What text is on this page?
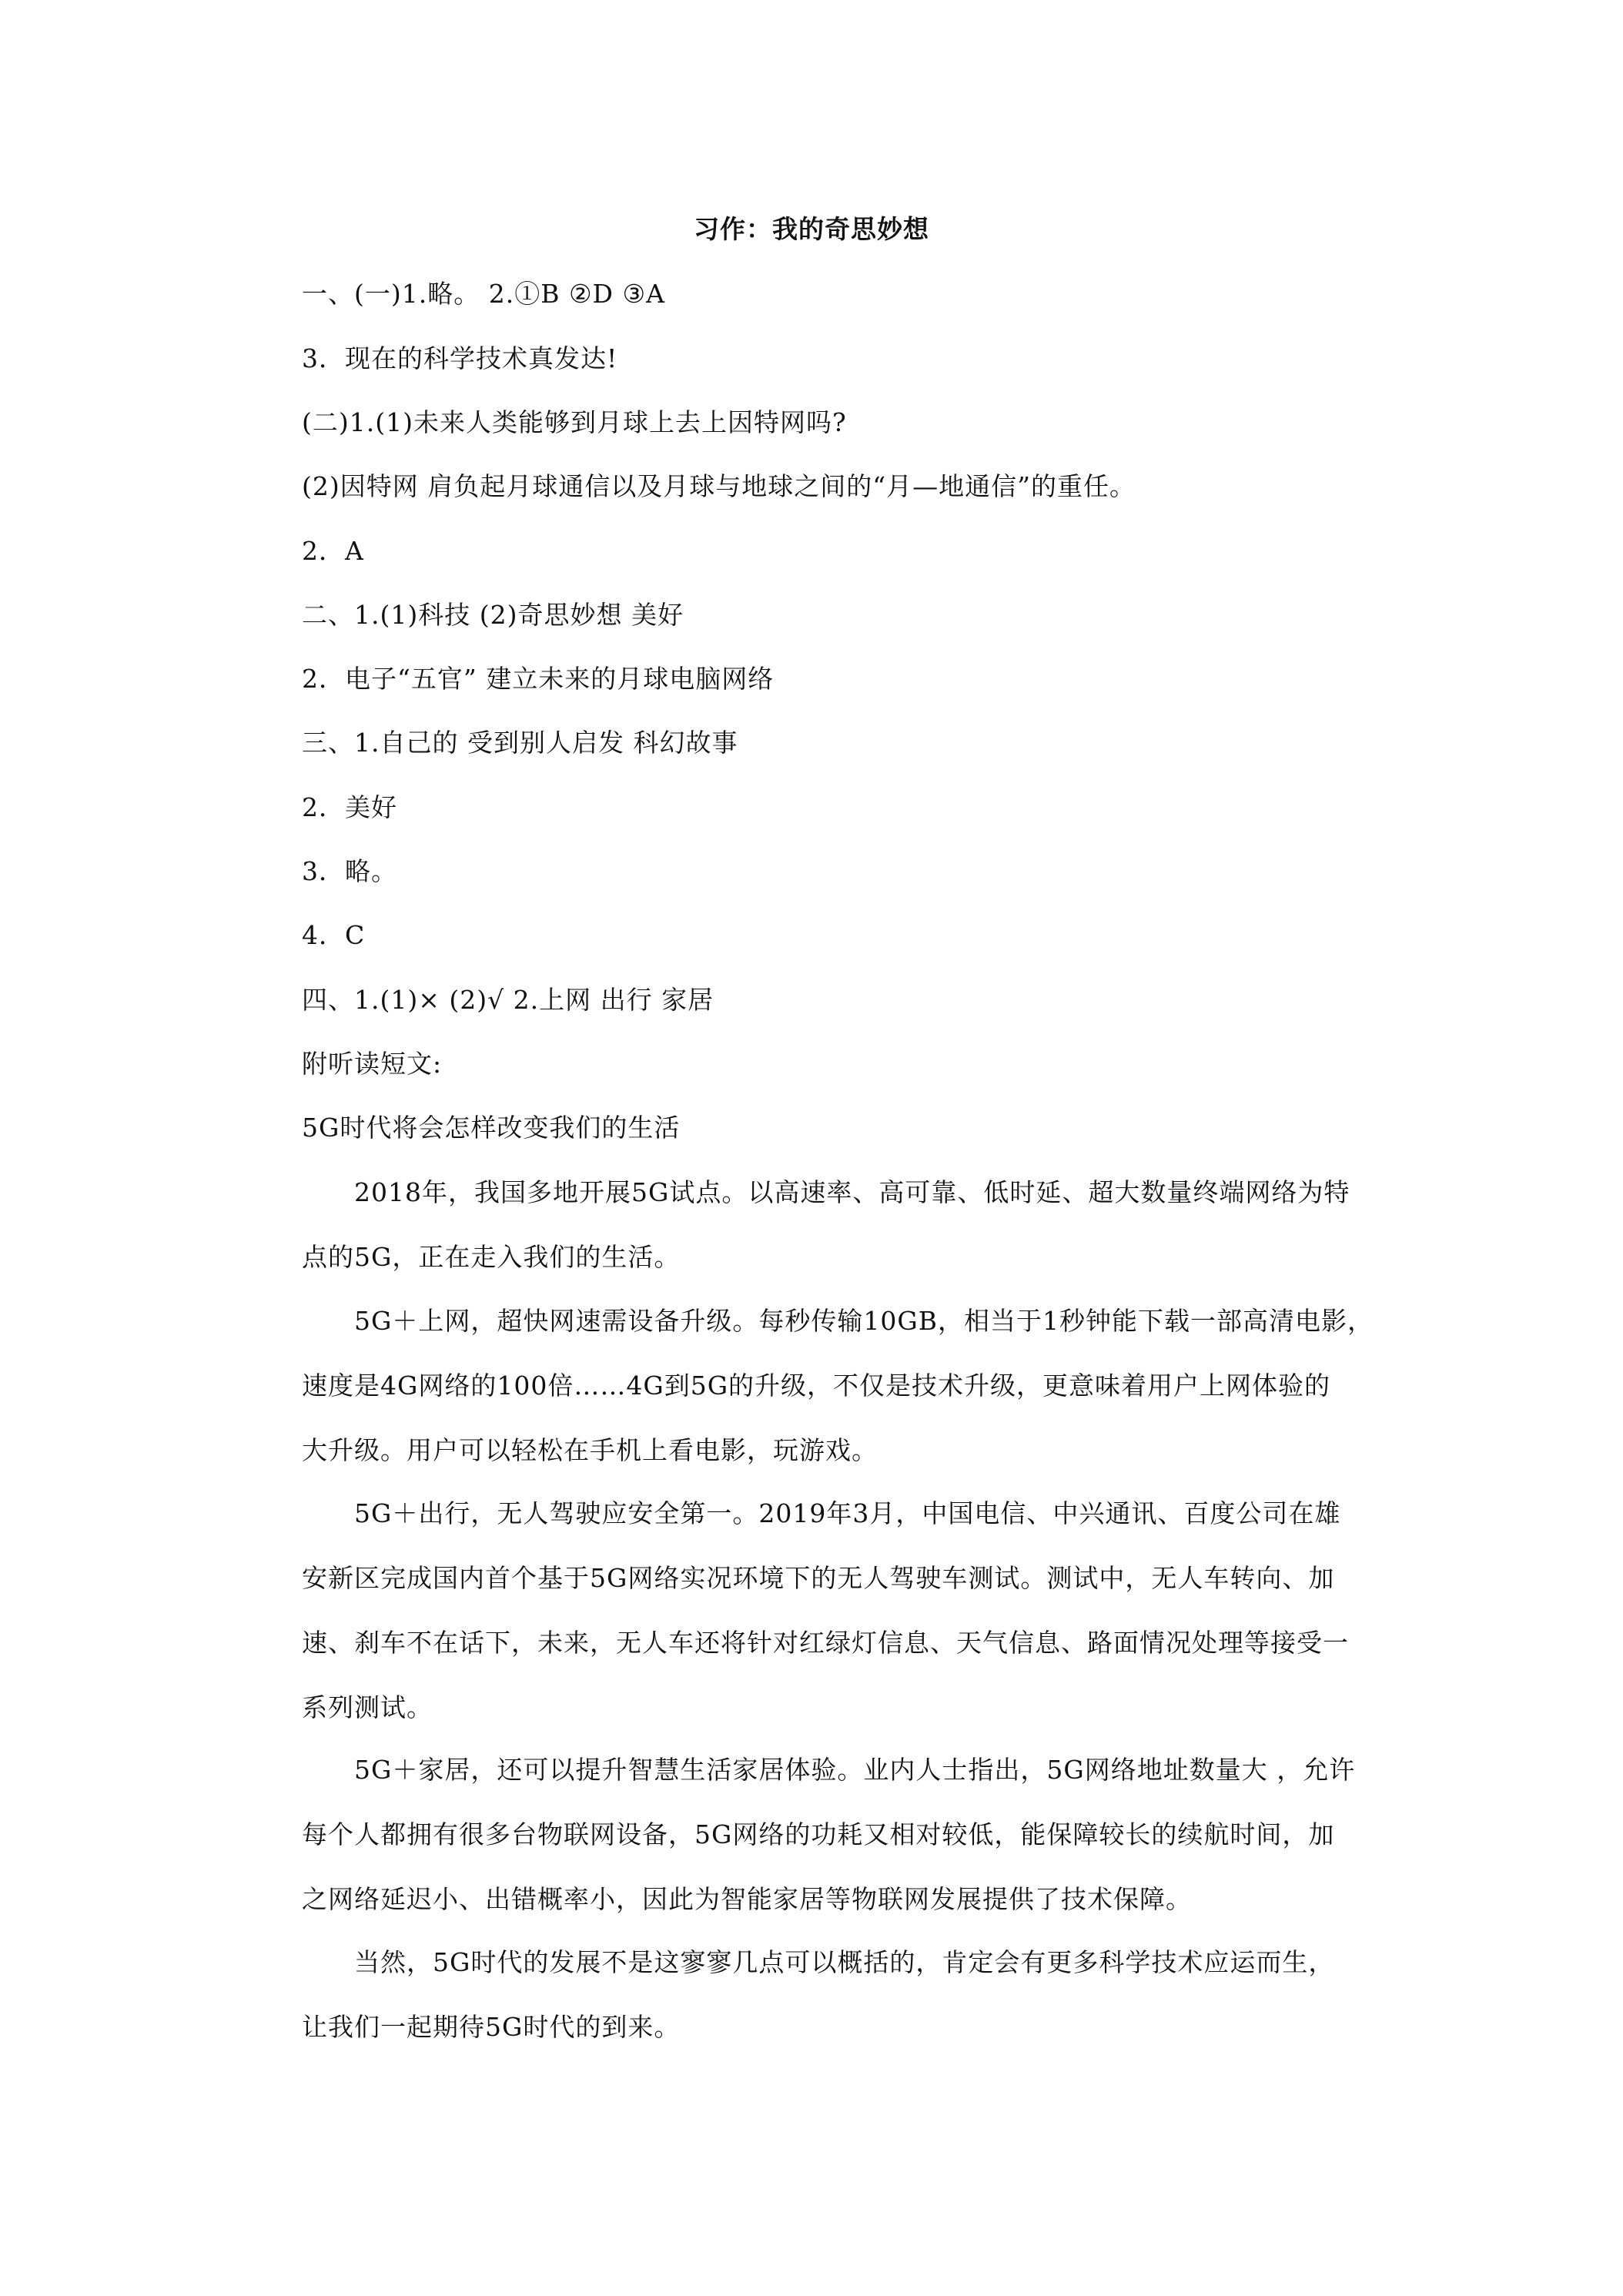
习作：我的奇思妙想
一、(一)1.略。 2.①B ②D ③A
3．现在的科学技术真发达!
(二)1.(1)未来人类能够到月球上去上因特网吗?
(2)因特网 肩负起月球通信以及月球与地球之间的“月—地通信”的重任。
2．A
二、1.(1)科技 (2)奇思妙想 美好
2．电子“五官” 建立未来的月球电脑网络
三、1.自己的 受到别人启发 科幻故事
2．美好
3．略。
4．C
四、1.(1)× (2)√ 2.上网 出行 家居
附听读短文:
5G时代将会怎样改变我们的生活
　　2018年，我国多地开展5G试点。以高速率、高可靠、低时延、超大数量终端网络为特
点的5G，正在走入我们的生活。
　　5G＋上网，超快网速需设备升级。每秒传输10GB，相当于1秒钟能下载一部高清电影，
速度是4G网络的100倍……4G到5G的升级，不仅是技术升级，更意味着用户上网体验的
大升级。用户可以轻松在手机上看电影，玩游戏。
　　5G＋出行，无人驾驶应安全第一。2019年3月，中国电信、中兴通讯、百度公司在雄
安新区完成国内首个基于5G网络实况环境下的无人驾驶车测试。测试中，无人车转向、加
速、刹车不在话下，未来，无人车还将针对红绿灯信息、天气信息、路面情况处理等接受一
系列测试。
　　5G＋家居，还可以提升智慧生活家居体验。业内人士指出，5G网络地址数量大 ，允许
每个人都拥有很多台物联网设备，5G网络的功耗又相对较低，能保障较长的续航时间，加
之网络延迟小、出错概率小，因此为智能家居等物联网发展提供了技术保障。
　　当然，5G时代的发展不是这寥寥几点可以概括的，肯定会有更多科学技术应运而生，
让我们一起期待5G时代的到来。
